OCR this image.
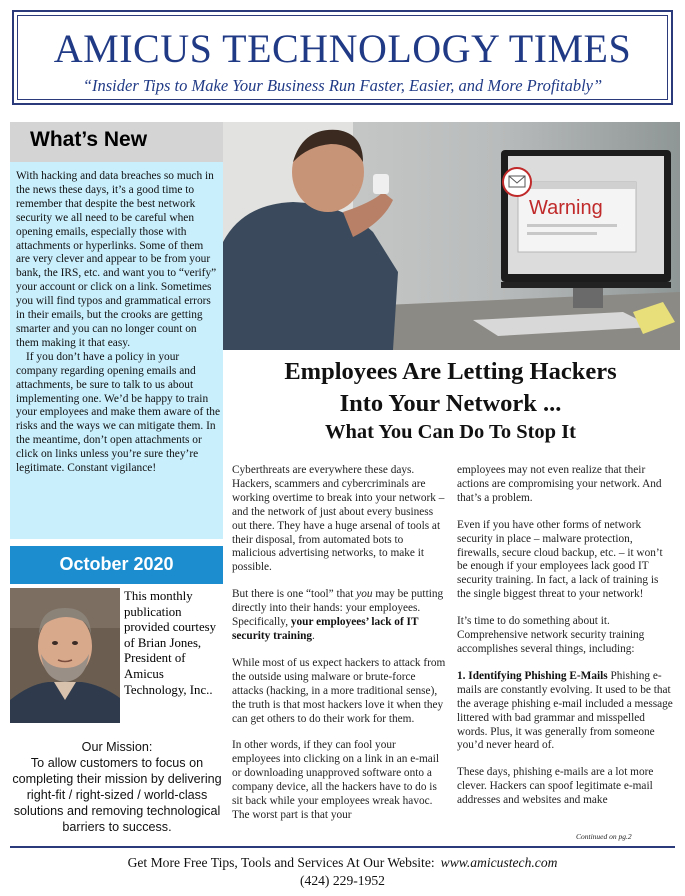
AMICUS TECHNOLOGY TIMES
“Insider Tips to Make Your Business Run Faster, Easier, and More Profitably”
What’s New

With hacking and data breaches so much in the news these days, it’s a good time to remember that despite the best network security we all need to be careful when opening emails, especially those with attachments or hyperlinks. Some of them are very clever and appear to be from your bank, the IRS, etc. and want you to “verify” your account or click on a link. Sometimes you will find typos and grammatical errors in their emails, but the crooks are getting smarter and you can no longer count on them making it that easy.

If you don’t have a policy in your company regarding opening emails and attachments, be sure to talk to us about implementing one. We’d be happy to train your employees and make them aware of the risks and the ways we can mitigate them. In the meantime, don’t open attachments or click on links unless you’re sure they’re legitimate. Constant vigilance!

October 2020
This monthly publication provided courtesy of Brian Jones, President of Amicus Technology, Inc..
Our Mission:
To allow customers to focus on completing their mission by delivering right-fit / right-sized / world-class solutions and removing technological barriers to success.
Warning
Employees Are Letting Hackers
Into Your Network ...
What You Can Do To Stop It

Cyberthreats are everywhere these days. Hackers, scammers and cybercriminals are working overtime to break into your network – and the network of just about every business out there. They have a huge arsenal of tools at their disposal, from automated bots to malicious advertising networks, to make it possible.

But there is one “tool” that you may be putting directly into their hands: your employees. Specifically, your employees’ lack of IT security training.

While most of us expect hackers to attack from the outside using malware or brute-force attacks (hacking, in a more traditional sense), the truth is that most hackers love it when they can get others to do their work for them.

In other words, if they can fool your employees into clicking on a link in an e-mail or downloading unapproved software onto a company device, all the hackers have to do is sit back while your employees wreak havoc. The worst part is that your

employees may not even realize that their actions are compromising your network. And that’s a problem.

Even if you have other forms of network security in place – malware protection, firewalls, secure cloud backup, etc. – it won’t be enough if your employees lack good IT security training. In fact, a lack of training is the single biggest threat to your network!

It’s time to do something about it. Comprehensive network security training accomplishes several things, including:

1. Identifying Phishing E-Mails Phishing e-mails are constantly evolving. It used to be that the average phishing e-mail included a message littered with bad grammar and misspelled words. Plus, it was generally from someone you’d never heard of.

These days, phishing e-mails are a lot more clever. Hackers can spoof legitimate e-mail addresses and websites and make

Continued on pg.2
Get More Free Tips, Tools and Services At Our Website: www.amicustech.com
(424) 229-1952
